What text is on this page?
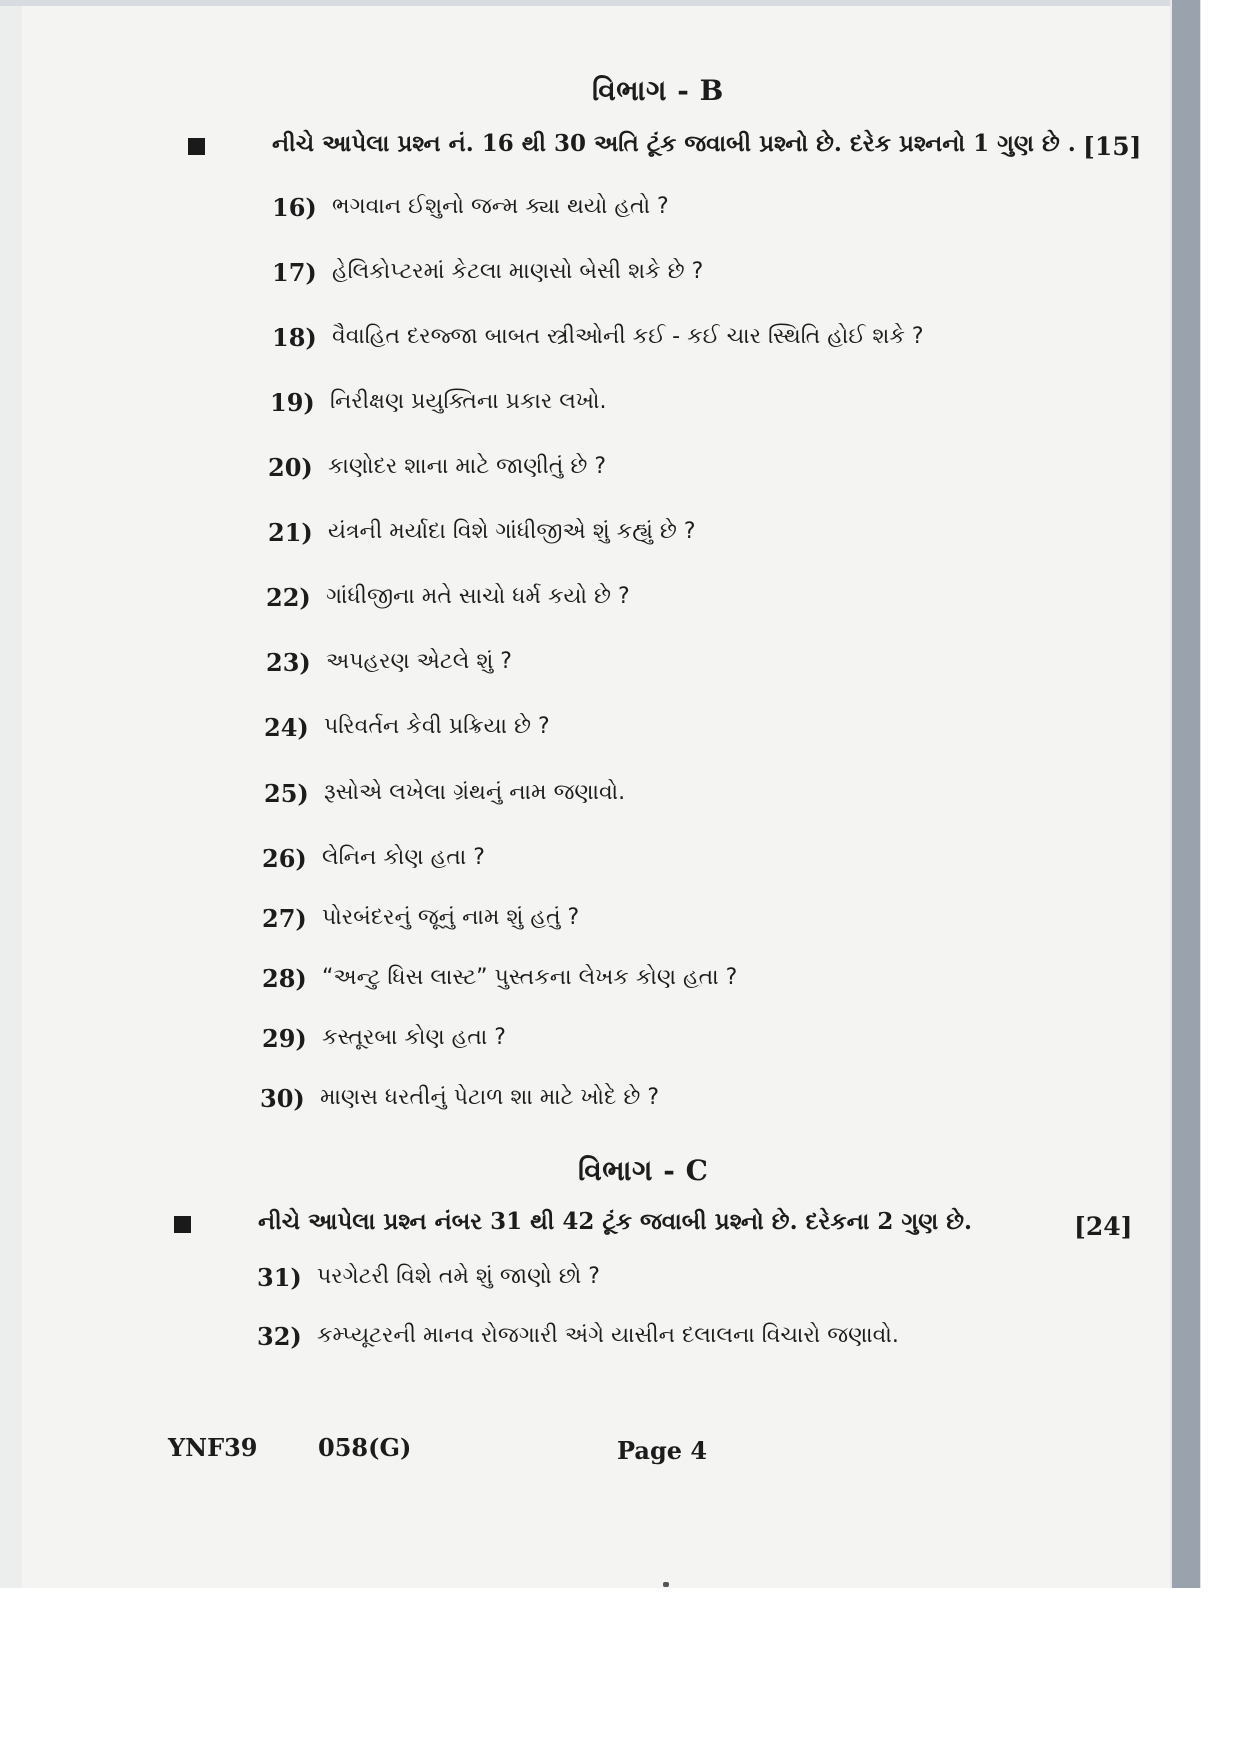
વિભાગ - B
નીચે આપેલા પ્રશ્ન નં. 16 થી 30 અતિ ટૂંક જવાબી પ્રશ્નો છે. દરેક પ્રશ્નનો 1 ગુણ છે . [15]
16) ભગવાન ઈશુનો જન્મ ક્યા થયો હતો ?
17) હેલિકોપ્ટરમાં કેટલા માણસો બેસી શકે છે ?
18) વૈવાહિત દરજ્જા બાબત સ્ત્રીઓની કઈ - કઈ ચાર સ્થિતિ હોઈ શકે ?
19) નિરીક્ષણ પ્રયુક્તિના પ્રકાર લખો.
20) કાણોદર શાના માટે જાણીતું છે ?
21) યંત્રની મર્યાદા વિશે ગાંધીજીએ શું કહ્યું છે ?
22) ગાંધીજીના મતે સાચો ધર્મ કયો છે ?
23) અપહરણ એટલે શું ?
24) પરિવર્તન કેવી પ્રક્રિયા છે ?
25) રૂસોએ લખેલા ગ્રંથનું નામ જણાવો.
26) લેનિન કોણ હતા ?
27) પોરબંદરનું જૂનું નામ શું હતું ?
28) “અન્ટુ ધિસ લાસ્ટ” પુસ્તકના લેખક કોણ હતા ?
29) કસ્તૂરબા કોણ હતા ?
30) માણસ ધરતીનું પેટાળ શા માટે ખોદે છે ?
વિભાગ - C
નીચે આપેલા પ્રશ્ન નંબર 31 થી 42 ટૂંક જવાબી પ્રશ્નો છે. દરેકના 2 ગુણ છે.	[24]
31) પરગેટરી વિશે તમે શું જાણો છો ?
32) કમ્પ્યૂટરની માનવ રોજગારી અંગે યાસીન દલાલના વિચારો જણાવો.
YNF39	058(G)	Page 4
